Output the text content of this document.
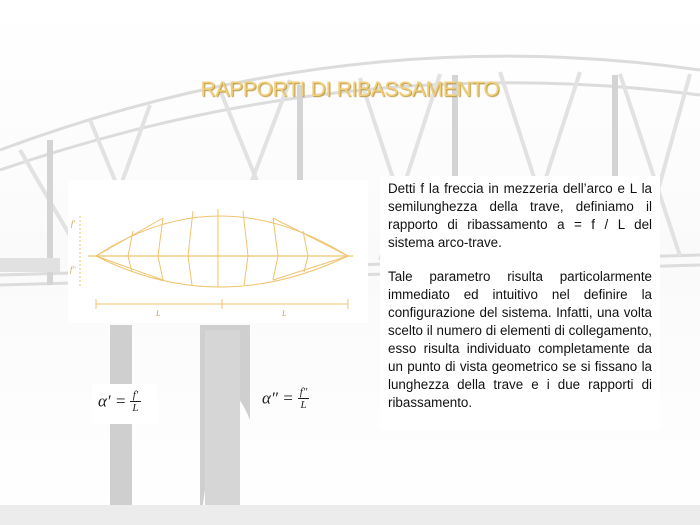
RAPPORTI DI RIBASSAMENTO
f'
f"
L	L
$\alpha' = \frac{f'}{L}$	$\alpha'' = \frac{f''}{L}$

Detti f la freccia in mezzeria dell’arco e L la semilunghezza della trave, definiamo il rapporto di ribassamento a = f / L del sistema arco-trave.

Tale parametro risulta particolarmente immediato ed intuitivo nel definire la configurazione del sistema. Infatti, una volta scelto il numero di elementi di collegamento, esso risulta individuato completamente da un punto di vista geometrico se si fissano la lunghezza della trave e i due rapporti di ribassamento.
